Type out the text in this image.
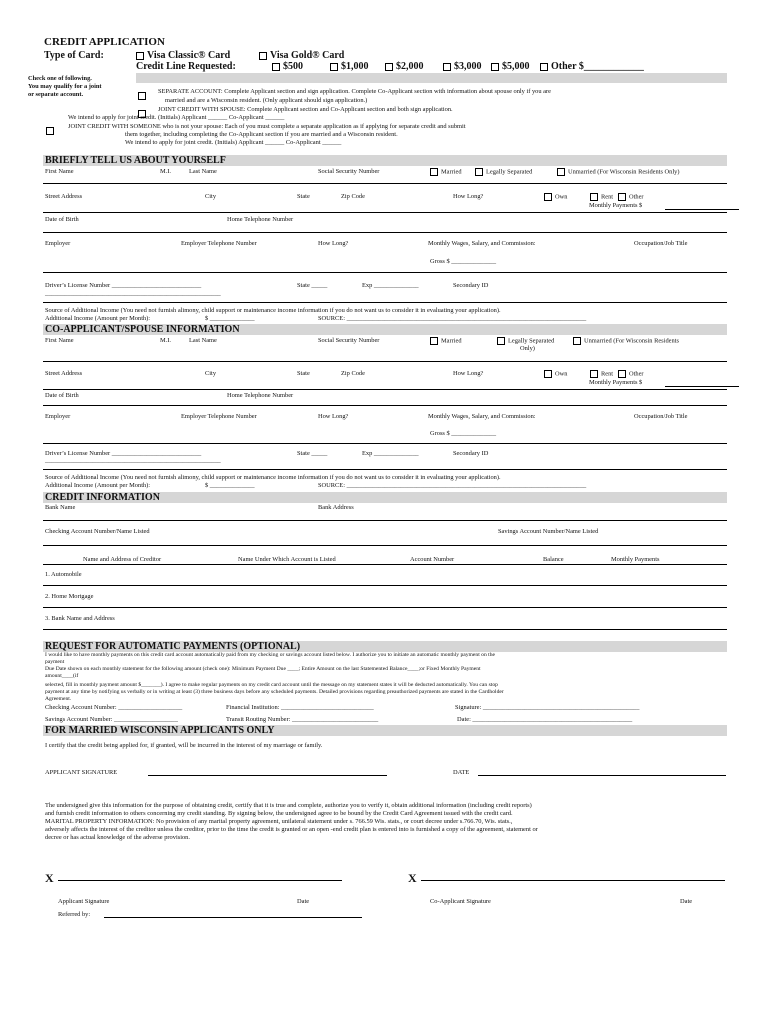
CREDIT APPLICATION
Type of Card:	Visa Classic® Card	Visa Gold® Card
Credit Line Requested:	$500	$1,000	$2,000	$3,000	$5,000	Other $____________
Check one of following.
You may qualify for a joint
or separate account.	SEPARATE ACCOUNT: Complete Applicant section and sign application. Complete Co-Applicant section with information about spouse only if you are
married and are a Wisconsin resident. (Only applicant should sign application.)
JOINT CREDIT WITH SPOUSE: Complete Applicant section and Co-Applicant section and both sign application.
We intend to apply for joint credit. (Initials) Applicant ______ Co-Applicant ______
JOINT CREDIT WITH SOMEONE who is not your spouse: Each of you must complete a separate application as if applying for separate credit and submit
them together, including completing the Co-Applicant section if you are married and a Wisconsin resident.
We intend to apply for joint credit. (Initials) Applicant ______ Co-Applicant ______
BRIEFLY TELL US ABOUT YOURSELF
First Name	M.I.	Last Name	Social Security Number	Married	Legally Separated	Unmarried (For Wisconsin Residents Only)
Street Address	City	State	Zip Code	How Long?	Own	Rent	Other
Monthly Payments $
Date of Birth	Home Telephone Number
Employer	Employer Telephone Number	How Long?	Monthly Wages, Salary, and Commission:	Occupation/Job Title
Gross $ ______________
Driver’s License Number ____________________________	State _____	Exp ______________	Secondary ID
_______________________________________________________
Source of Additional Income (You need not furnish alimony, child support or maintenance income information if you do not want us to consider it in evaluating your application).
Additional Income (Amount per Month):	$ ______________	SOURCE: ___________________________________________________________________________
CO-APPLICANT/SPOUSE INFORMATION
First Name	M.I.	Last Name	Social Security Number	Married	Legally Separated	Unmarried (For Wisconsin Residents
Only)
Street Address	City	State	Zip Code	How Long?	Own	Rent	Other
Monthly Payments $
Date of Birth	Home Telephone Number
Employer	Employer Telephone Number	How Long?	Monthly Wages, Salary, and Commission:	Occupation/Job Title
Gross $ ______________
Driver’s License Number ____________________________	State _____	Exp ______________	Secondary ID
_______________________________________________________
Source of Additional Income (You need not furnish alimony, child support or maintenance income information if you do not want us to consider it in evaluating your application).
Additional Income (Amount per Month):	$ ______________	SOURCE: ___________________________________________________________________________
CREDIT INFORMATION
Bank Name	Bank Address
Checking Account Number/Name Listed	Savings Account Number/Name Listed
Name and Address of Creditor	Name Under Which Account is Listed	Account Number	Balance	Monthly Payments
1. Automobile
2. Home Mortgage
3. Bank Name and Address
REQUEST FOR AUTOMATIC PAYMENTS (OPTIONAL)
I would like to have monthly payments on this credit card account automatically paid from my checking or savings account listed below. I authorize you to initiate an automatic monthly payment on the
payment
Due Date shown on each monthly statement for the following amount (check one): Minimum Payment Due ____; Entire Amount on the last Statemented Balance____;or Fixed Monthly Payment
amount____(if
selected, fill in monthly payment amount $_______). I agree to make regular payments on my credit card account until the message on my statement states it will be deducted automatically. You can stop
payment at any time by notifying us verbally or in writing at least (3) three business days before any scheduled payments. Detailed provisions regarding preauthorized payments are stated in the Cardholder
Agreement.
Checking Account Number: ____________________	Financial Institution: _____________________________	Signature: _________________________________________________
Savings Account Number: ____________________	Transit Routing Number: ___________________________	Date: __________________________________________________
FOR MARRIED WISCONSIN APPLICANTS ONLY
I certify that the credit being applied for, if granted, will be incurred in the interest of my marriage or family.
APPLICANT SIGNATURE	DATE
The undersigned give this information for the purpose of obtaining credit, certify that it is true and complete, authorize you to verify it, obtain additional information (including credit reports)
and furnish credit information to others concerning my credit standing. By signing below, the undersigned agree to be bound by the Credit Card Agreement issued with the credit card.
MARITAL PROPERTY INFORMATION: No provision of any marital property agreement, unilateral statement under s. 766.59 Wis. stats., or court decree under s.766.70, Wis. stats.,
adversely affects the interest of the creditor unless the creditor, prior to the time the credit is granted or an open -end credit plan is entered into is furnished a copy of the agreement, statement or
decree or has actual knowledge of the adverse provision.
X	X
Applicant Signature	Date	Co-Applicant Signature	Date
Referred by:
